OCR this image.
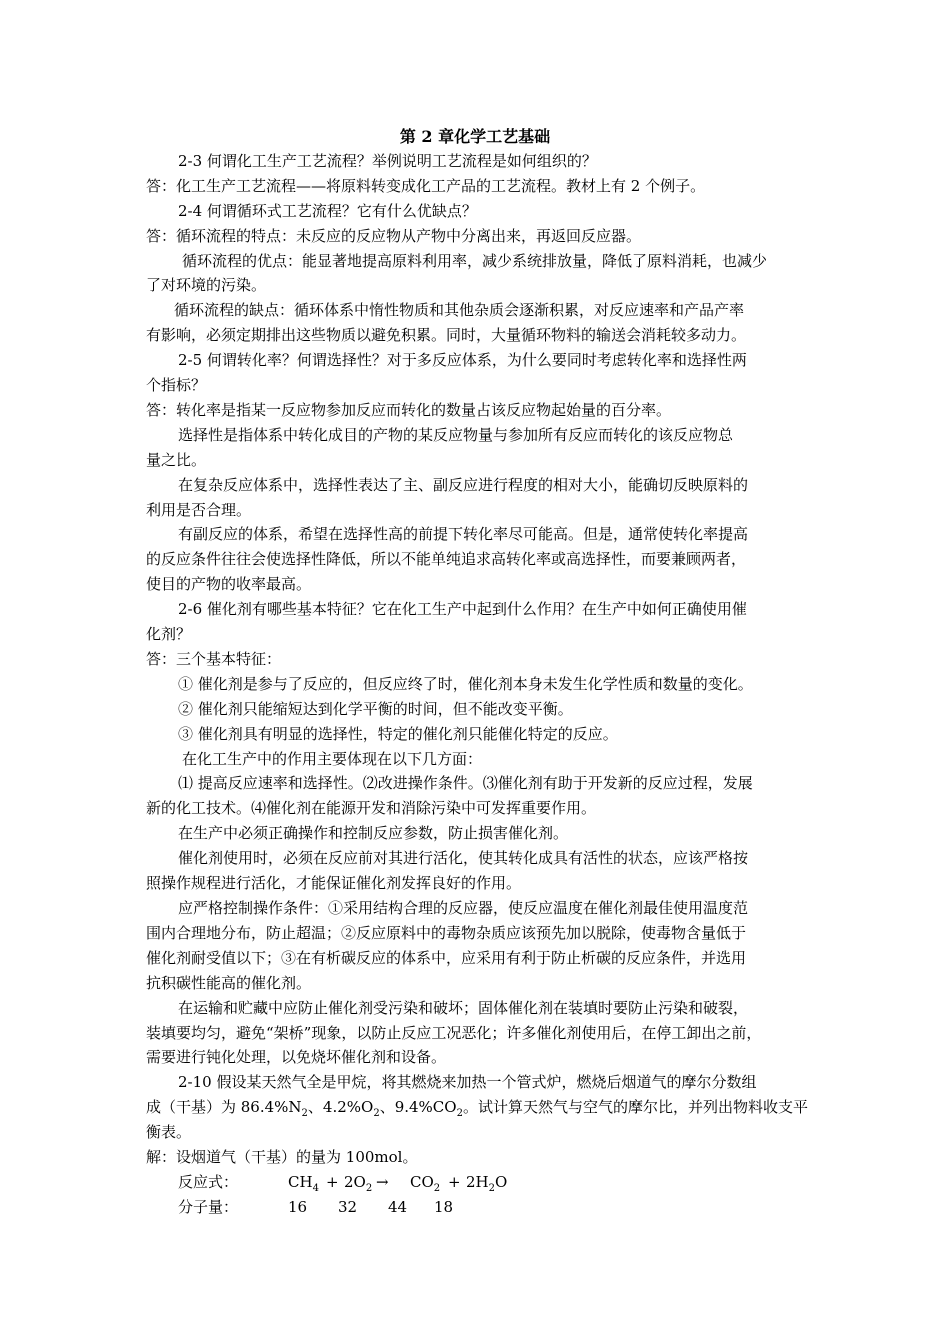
第 2 章化学工艺基础
2-3 何谓化工生产工艺流程？举例说明工艺流程是如何组织的？
答：化工生产工艺流程——将原料转变成化工产品的工艺流程。教材上有 2 个例子。
2-4 何谓循环式工艺流程？它有什么优缺点？
答：循环流程的特点：未反应的反应物从产物中分离出来，再返回反应器。
循环流程的优点：能显著地提高原料利用率，减少系统排放量，降低了原料消耗，也减少
了对环境的污染。
循环流程的缺点：循环体系中惰性物质和其他杂质会逐渐积累，对反应速率和产品产率
有影响，必须定期排出这些物质以避免积累。同时，大量循环物料的输送会消耗较多动力。
2-5 何谓转化率？何谓选择性？对于多反应体系，为什么要同时考虑转化率和选择性两
个指标？
答：转化率是指某一反应物参加反应而转化的数量占该反应物起始量的百分率。
选择性是指体系中转化成目的产物的某反应物量与参加所有反应而转化的该反应物总
量之比。
在复杂反应体系中，选择性表达了主、副反应进行程度的相对大小，能确切反映原料的
利用是否合理。
有副反应的体系，希望在选择性高的前提下转化率尽可能高。但是，通常使转化率提高
的反应条件往往会使选择性降低，所以不能单纯追求高转化率或高选择性，而要兼顾两者，
使目的产物的收率最高。
2-6 催化剂有哪些基本特征？它在化工生产中起到什么作用？在生产中如何正确使用催
化剂？
答：三个基本特征：
① 催化剂是参与了反应的，但反应终了时，催化剂本身未发生化学性质和数量的变化。
② 催化剂只能缩短达到化学平衡的时间，但不能改变平衡。
③ 催化剂具有明显的选择性，特定的催化剂只能催化特定的反应。
在化工生产中的作用主要体现在以下几方面：
⑴ 提高反应速率和选择性。⑵改进操作条件。⑶催化剂有助于开发新的反应过程，发展
新的化工技术。⑷催化剂在能源开发和消除污染中可发挥重要作用。
在生产中必须正确操作和控制反应参数，防止损害催化剂。
催化剂使用时，必须在反应前对其进行活化，使其转化成具有活性的状态，应该严格按
照操作规程进行活化，才能保证催化剂发挥良好的作用。
应严格控制操作条件：①采用结构合理的反应器，使反应温度在催化剂最佳使用温度范
围内合理地分布，防止超温；②反应原料中的毒物杂质应该预先加以脱除，使毒物含量低于
催化剂耐受值以下；③在有析碳反应的体系中，应采用有利于防止析碳的反应条件，并选用
抗积碳性能高的催化剂。
在运输和贮藏中应防止催化剂受污染和破坏；固体催化剂在装填时要防止污染和破裂，
装填要均匀，避免“架桥”现象，以防止反应工况恶化；许多催化剂使用后，在停工卸出之前，
需要进行钝化处理，以免烧坏催化剂和设备。
2-10 假设某天然气全是甲烷，将其燃烧来加热一个管式炉，燃烧后烟道气的摩尔分数组
成（干基）为 $86.4\%N_2$、$4.2\%O_2$、$9.4\%CO_2$。试计算天然气与空气的摩尔比，并列出物料收支平
衡表。
解：设烟道气（干基）的量为 100mol。
反应式：	$CH_4 + 2O_2 \to CO_2 + 2H_2O$
分子量：	16 32 44 18
